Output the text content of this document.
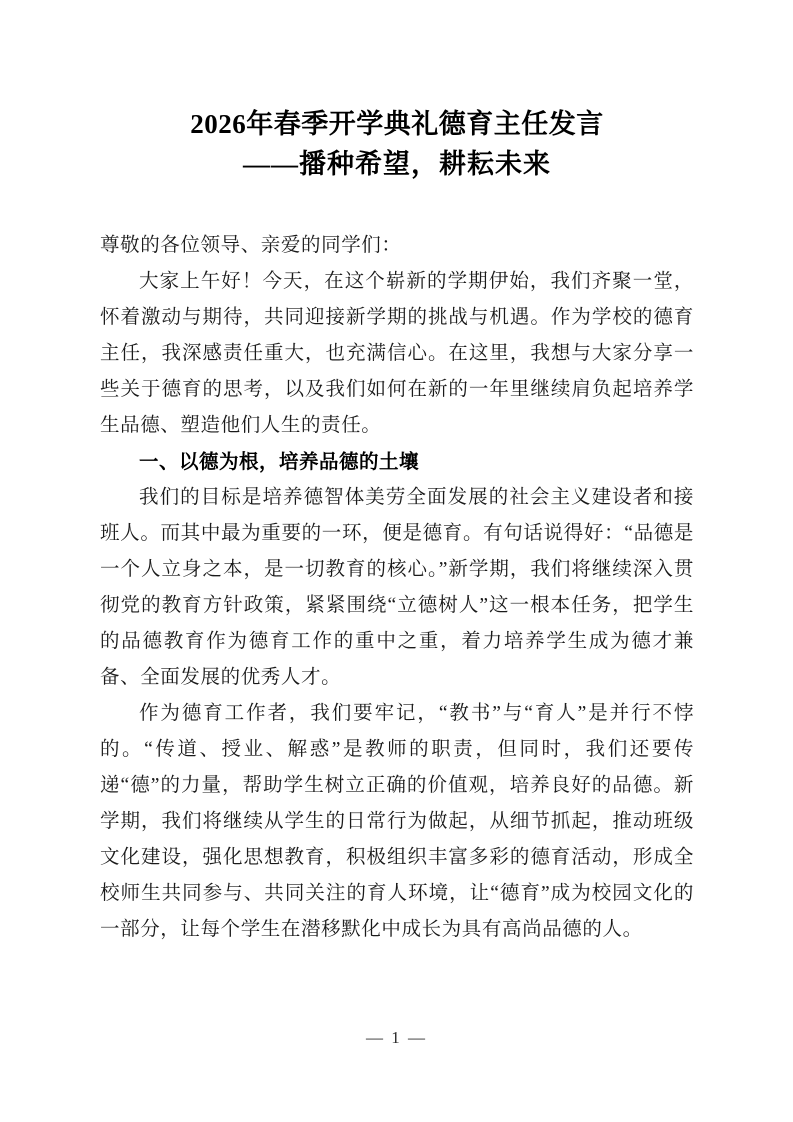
2026年春季开学典礼德育主任发言
——播种希望，耕耘未来

尊敬的各位领导、亲爱的同学们：

大家上午好！今天，在这个崭新的学期伊始，我们齐聚一堂，怀着激动与期待，共同迎接新学期的挑战与机遇。作为学校的德育主任，我深感责任重大，也充满信心。在这里，我想与大家分享一些关于德育的思考，以及我们如何在新的一年里继续肩负起培养学生品德、塑造他们人生的责任。

一、以德为根，培养品德的土壤

我们的目标是培养德智体美劳全面发展的社会主义建设者和接班人。而其中最为重要的一环，便是德育。有句话说得好：“品德是一个人立身之本，是一切教育的核心。”新学期，我们将继续深入贯彻党的教育方针政策，紧紧围绕“立德树人”这一根本任务，把学生的品德教育作为德育工作的重中之重，着力培养学生成为德才兼备、全面发展的优秀人才。

作为德育工作者，我们要牢记，“教书”与“育人”是并行不悖的。“传道、授业、解惑”是教师的职责，但同时，我们还要传递“德”的力量，帮助学生树立正确的价值观，培养良好的品德。新学期，我们将继续从学生的日常行为做起，从细节抓起，推动班级文化建设，强化思想教育，积极组织丰富多彩的德育活动，形成全校师生共同参与、共同关注的育人环境，让“德育”成为校园文化的一部分，让每个学生在潜移默化中成长为具有高尚品德的人。

— 1 —
